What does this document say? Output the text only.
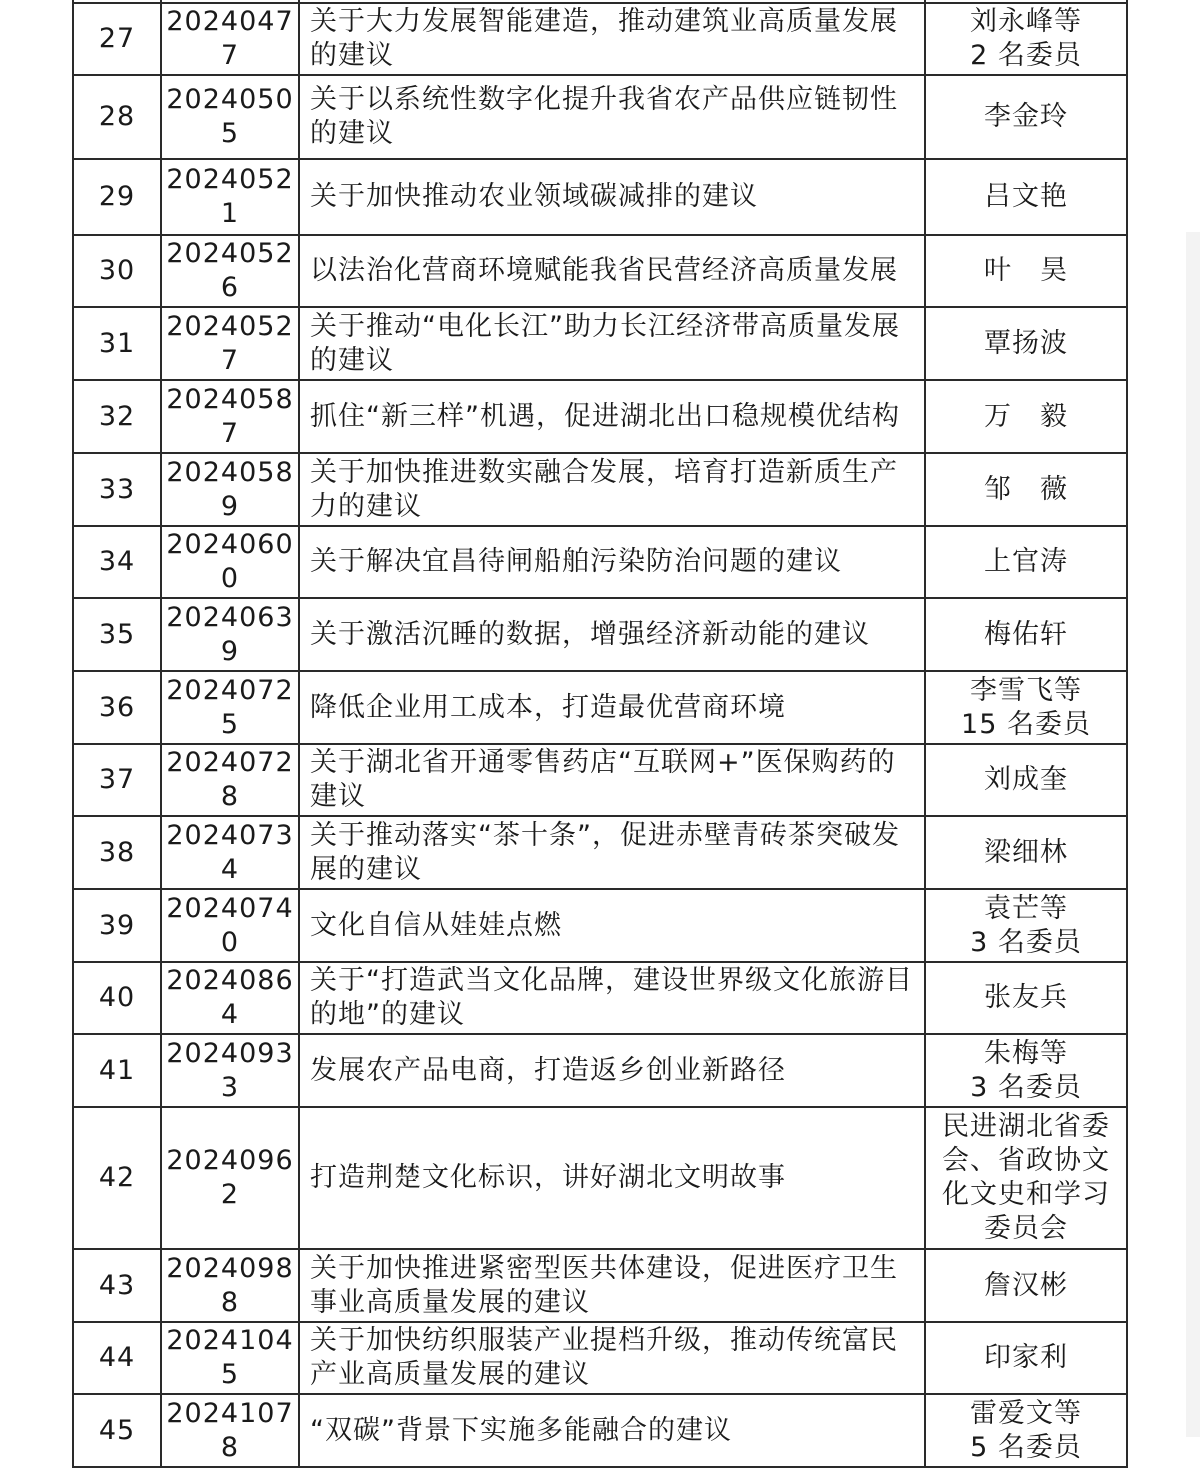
27	20240477	关于大力发展智能建造，推动建筑业高质量发展的建议	刘永峰等
2 名委员
28	20240505	关于以系统性数字化提升我省农产品供应链韧性的建议	李金玲
29	20240521	关于加快推动农业领域碳减排的建议	吕文艳
30	20240526	以法治化营商环境赋能我省民营经济高质量发展	叶　昊
31	20240527	关于推动“电化长江”助力长江经济带高质量发展的建议	覃扬波
32	20240587	抓住“新三样”机遇，促进湖北出口稳规模优结构	万　毅
33	20240589	关于加快推进数实融合发展，培育打造新质生产力的建议	邹　薇
34	20240600	关于解决宜昌待闸船舶污染防治问题的建议	上官涛
35	20240639	关于激活沉睡的数据，增强经济新动能的建议	梅佑轩
36	20240725	降低企业用工成本，打造最优营商环境	李雪飞等
15 名委员
37	20240728	关于湖北省开通零售药店“互联网+”医保购药的建议	刘成奎
38	20240734	关于推动落实“茶十条”，促进赤壁青砖茶突破发展的建议	梁细林
39	20240740	文化自信从娃娃点燃	袁芒等
3 名委员
40	20240864	关于“打造武当文化品牌，建设世界级文化旅游目的地”的建议	张友兵
41	20240933	发展农产品电商，打造返乡创业新路径	朱梅等
3 名委员
42	20240962	打造荆楚文化标识，讲好湖北文明故事	民进湖北省委会、省政协文化文史和学习委员会
43	20240988	关于加快推进紧密型医共体建设，促进医疗卫生事业高质量发展的建议	詹汉彬
44	20241045	关于加快纺织服装产业提档升级，推动传统富民产业高质量发展的建议	印家利
45	20241078	“双碳”背景下实施多能融合的建议	雷爱文等
5 名委员
